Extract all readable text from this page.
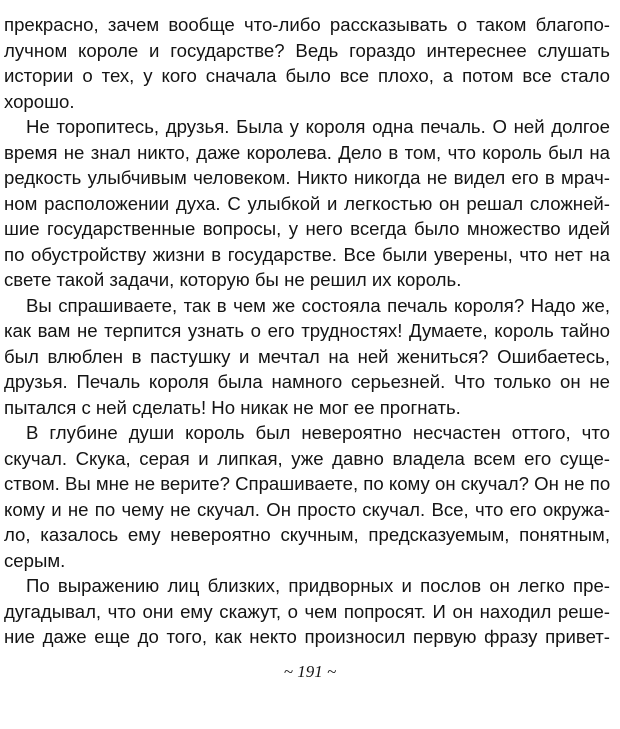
прекрасно, зачем вообще что-либо рассказывать о таком благопо-
лучном короле и государстве? Ведь гораздо интереснее слушать
истории о тех, у кого сначала было все плохо, а потом все стало
хорошо.
Не торопитесь, друзья. Была у короля одна печаль. О ней долгое
время не знал никто, даже королева. Дело в том, что король был на
редкость улыбчивым человеком. Никто никогда не видел его в мрач-
ном расположении духа. С улыбкой и легкостью он решал сложней-
шие государственные вопросы, у него всегда было множество идей
по обустройству жизни в государстве. Все были уверены, что нет на
свете такой задачи, которую бы не решил их король.
Вы спрашиваете, так в чем же состояла печаль короля? Надо же,
как вам не терпится узнать о его трудностях! Думаете, король тайно
был влюблен в пастушку и мечтал на ней жениться? Ошибаетесь,
друзья. Печаль короля была намного серьезней. Что только он не
пытался с ней сделать! Но никак не мог ее прогнать.
В глубине души король был невероятно несчастен оттого, что
скучал. Скука, серая и липкая, уже давно владела всем его суще-
ством. Вы мне не верите? Спрашиваете, по кому он скучал? Он не по
кому и не по чему не скучал. Он просто скучал. Все, что его окружа-
ло, казалось ему невероятно скучным, предсказуемым, понятным,
серым.
По выражению лиц близких, придворных и послов он легко пре-
дугадывал, что они ему скажут, о чем попросят. И он находил реше-
ние даже еще до того, как некто произносил первую фразу привет-
~ 191 ~
